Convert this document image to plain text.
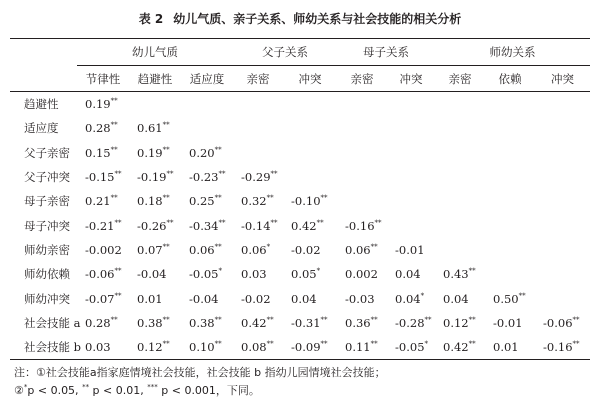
表 2 幼儿气质、亲子关系、师幼关系与社会技能的相关分析
	幼儿气质			父子关系		母子关系		师幼关系		
	节律性	趋避性	适应度	亲密	冲突	亲密	冲突	亲密	依赖	冲突
趋避性	0.19**									
适应度	0.28**	0.61**								
父子亲密	0.15**	0.19**	0.20**							
父子冲突	-0.15**	-0.19**	-0.23**	-0.29**						
母子亲密	0.21**	0.18**	0.25**	0.32**	-0.10**					
母子冲突	-0.21**	-0.26**	-0.34**	-0.14**	0.42**	-0.16**				
师幼亲密	-0.002	0.07**	0.06**	0.06*	-0.02	0.06**	-0.01			
师幼依赖	-0.06**	-0.04	-0.05*	0.03	0.05*	0.002	0.04	0.43**		
师幼冲突	-0.07**	0.01	-0.04	-0.02	0.04	-0.03	0.04*	0.04	0.50**	
社会技能 a	0.28**	0.38**	0.38**	0.42**	-0.31**	0.36**	-0.28**	0.12**	-0.01	-0.06**
社会技能 b	0.03	0.12**	0.10**	0.08**	-0.09**	0.11**	-0.05*	0.42**	0.01	-0.16**
注：①社会技能a指家庭情境社会技能，社会技能 b 指幼儿园情境社会技能；
②*p < 0.05, ** p < 0.01, *** p < 0.001，下同。
